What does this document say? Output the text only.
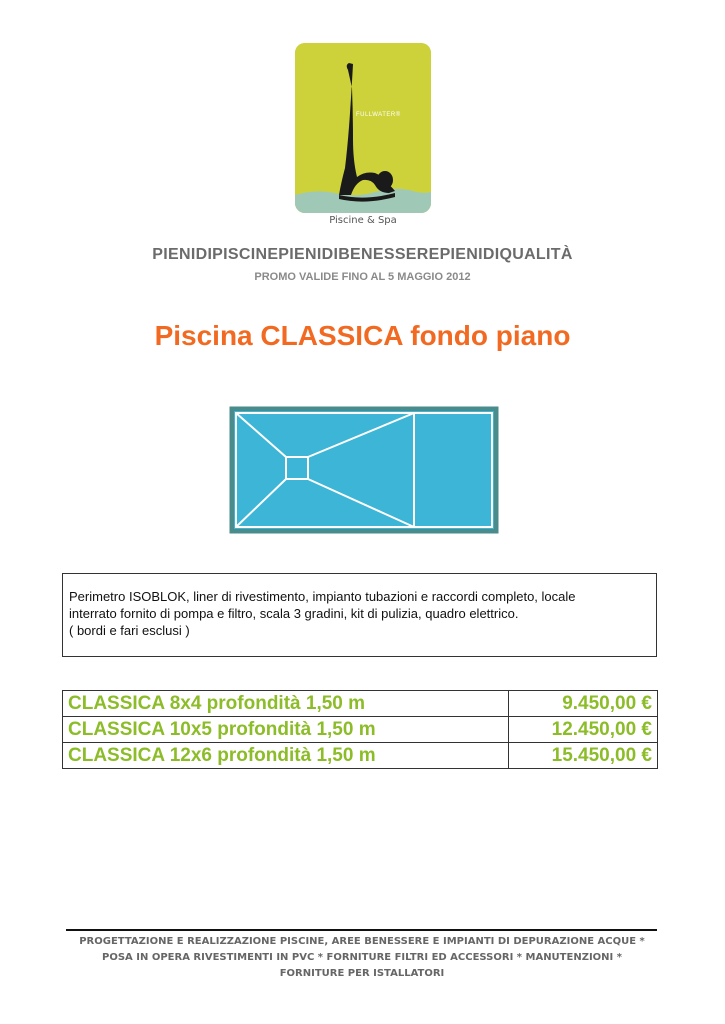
FULLWATER®
Piscine & Spa
PIENIDIPISCINEPIENIDIBENESSEREPIENIDIQUALITÀ
PROMO VALIDE FINO AL 5 MAGGIO 2012
Piscina CLASSICA fondo piano
Perimetro ISOBLOK, liner di rivestimento, impianto tubazioni e raccordi completo, locale
interrato fornito di pompa e filtro, scala 3 gradini, kit di pulizia, quadro elettrico.
( bordi e fari esclusi )
CLASSICA 8x4 profondità 1,50 m	9.450,00 €
CLASSICA 10x5 profondità 1,50 m	12.450,00 €
CLASSICA 12x6 profondità 1,50 m	15.450,00 €
PROGETTAZIONE E REALIZZAZIONE PISCINE, AREE BENESSERE E IMPIANTI DI DEPURAZIONE ACQUE *
POSA IN OPERA RIVESTIMENTI IN PVC * FORNITURE FILTRI ED ACCESSORI * MANUTENZIONI *
FORNITURE PER ISTALLATORI
